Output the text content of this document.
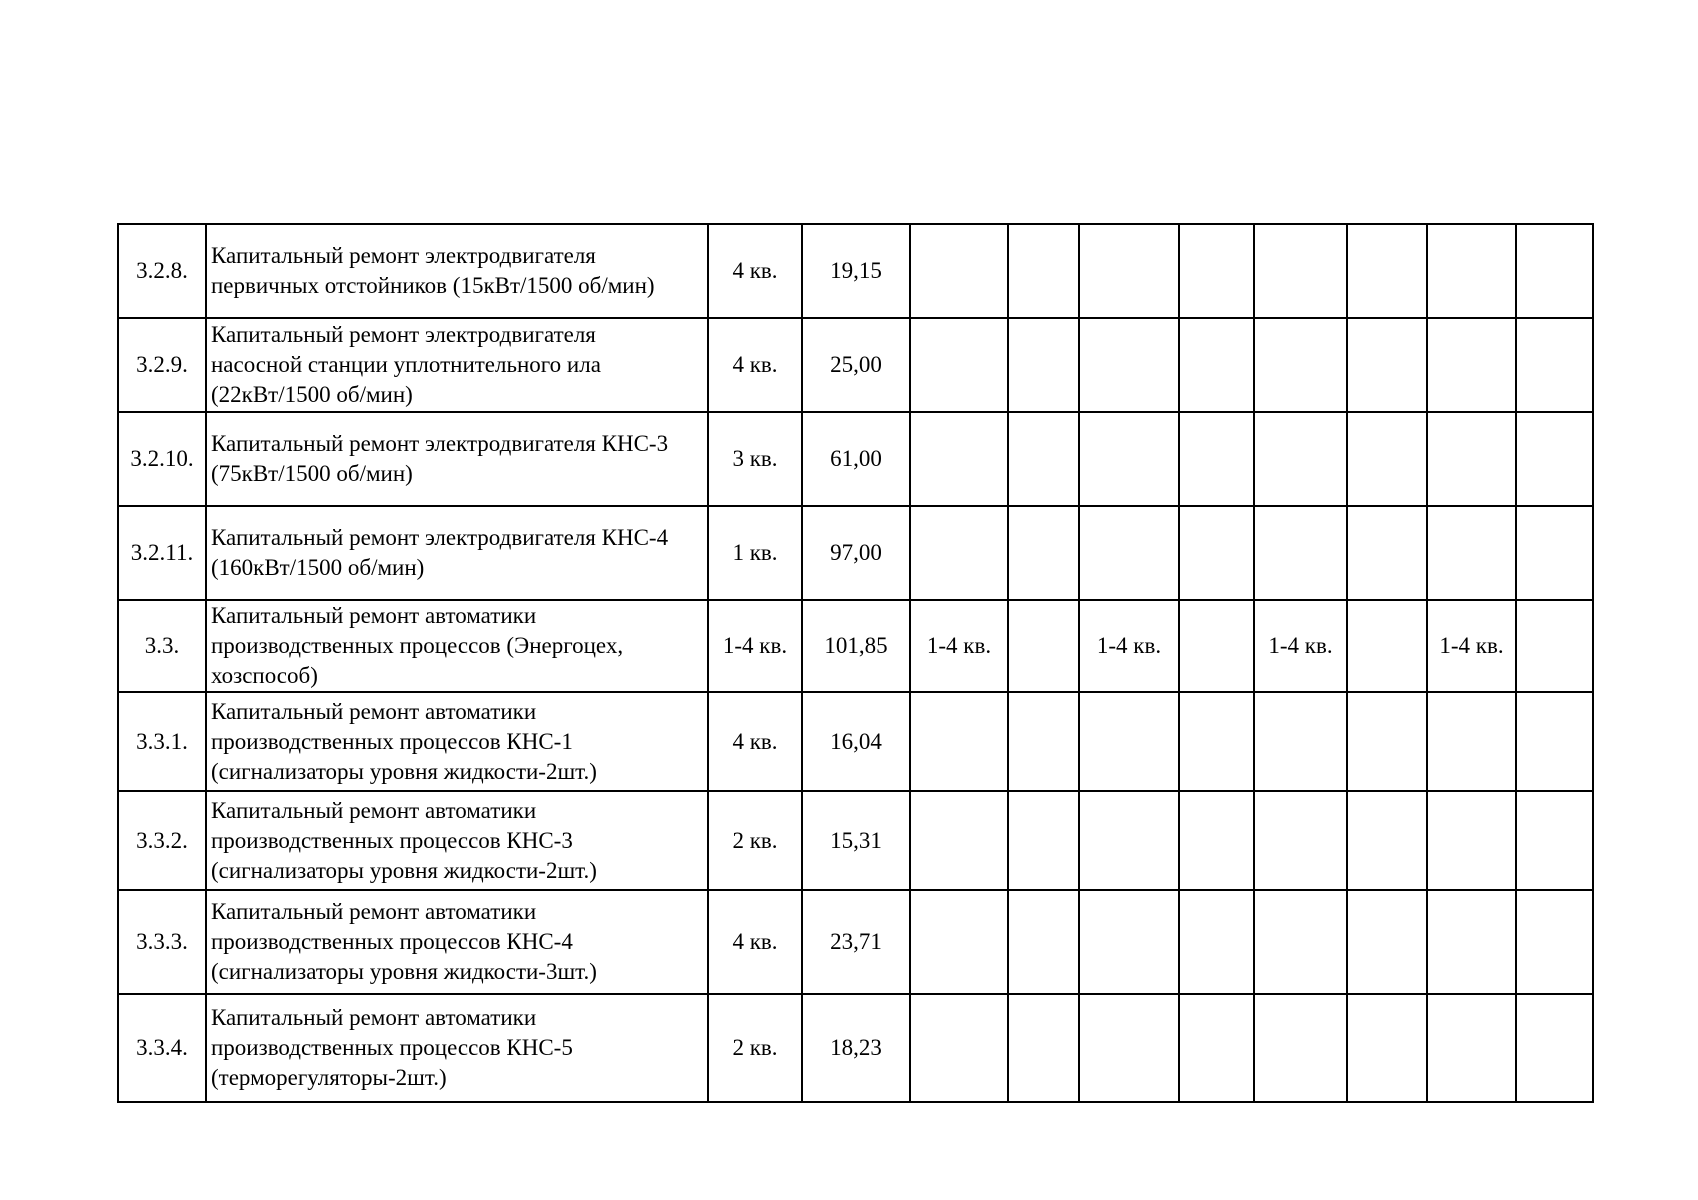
3.2.8.	Капитальный ремонт электродвигателя
первичных отстойников (15кВт/1500 об/мин)	4 кв.	19,15								
3.2.9.	Капитальный ремонт электродвигателя
насосной станции уплотнительного ила
(22кВт/1500 об/мин)	4 кв.	25,00								
3.2.10.	Капитальный ремонт электродвигателя КНС-3
(75кВт/1500 об/мин)	3 кв.	61,00								
3.2.11.	Капитальный ремонт электродвигателя КНС-4
(160кВт/1500 об/мин)	1 кв.	97,00								
3.3.	Капитальный ремонт автоматики
производственных процессов (Энергоцех,
хозспособ)	1-4 кв.	101,85	1-4 кв.		1-4 кв.		1-4 кв.		1-4 кв.	
3.3.1.	Капитальный ремонт автоматики
производственных процессов КНС-1
(сигнализаторы уровня жидкости-2шт.)	4 кв.	16,04								
3.3.2.	Капитальный ремонт автоматики
производственных процессов КНС-3
(сигнализаторы уровня жидкости-2шт.)	2 кв.	15,31								
3.3.3.	Капитальный ремонт автоматики
производственных процессов КНС-4
(сигнализаторы уровня жидкости-3шт.)	4 кв.	23,71								
3.3.4.	Капитальный ремонт автоматики
производственных процессов КНС-5
(терморегуляторы-2шт.)	2 кв.	18,23								
